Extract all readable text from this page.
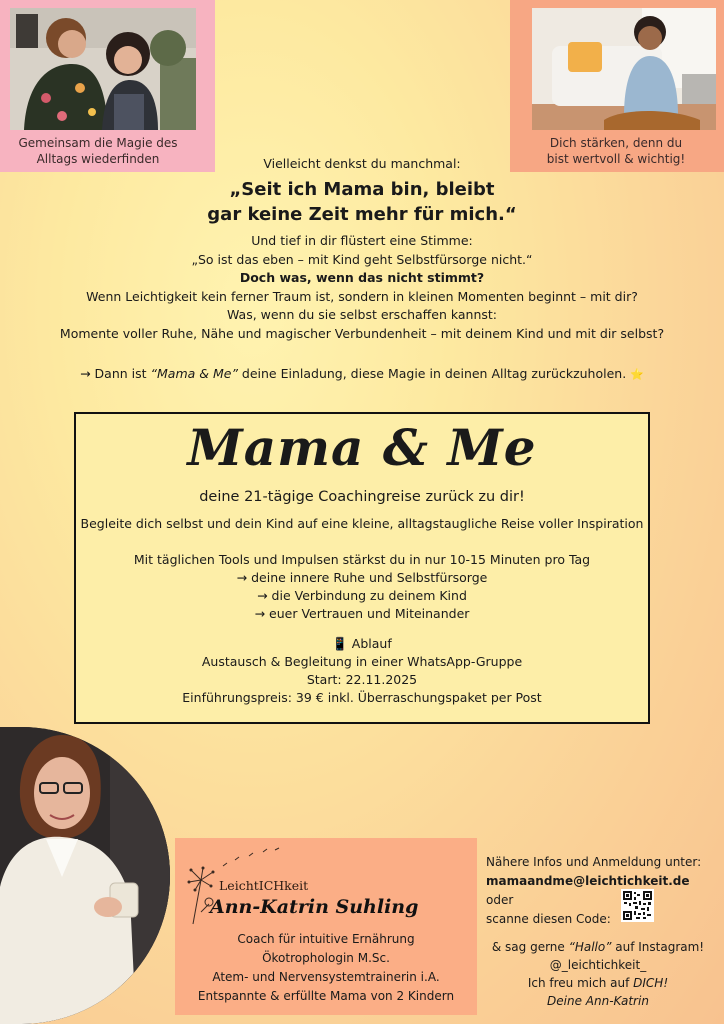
Gemeinsam die Magie des
Alltags wiederfinden
Dich stärken, denn du
bist wertvoll & wichtig!
Vielleicht denkst du manchmal:
„Seit ich Mama bin, bleibt
gar keine Zeit mehr für mich.“
Und tief in dir flüstert eine Stimme:
„So ist das eben – mit Kind geht Selbstfürsorge nicht.“
Doch was, wenn das nicht stimmt?
Wenn Leichtigkeit kein ferner Traum ist, sondern in kleinen Momenten beginnt – mit dir?
Was, wenn du sie selbst erschaffen kannst:
Momente voller Ruhe, Nähe und magischer Verbundenheit – mit deinem Kind und mit dir selbst?
→ Dann ist “Mama & Me” deine Einladung, diese Magie in deinen Alltag zurückzuholen. ⭐
Mama & Me
deine 21-tägige Coachingreise zurück zu dir!
Begleite dich selbst und dein Kind auf eine kleine, alltagstaugliche Reise voller Inspiration
Mit täglichen Tools und Impulsen stärkst du in nur 10-15 Minuten pro Tag
→ deine innere Ruhe und Selbstfürsorge
→ die Verbindung zu deinem Kind
→ euer Vertrauen und Miteinander
📱 Ablauf
Austausch & Begleitung in einer WhatsApp-Gruppe
Start: 22.11.2025
Einführungspreis: 39 € inkl. Überraschungspaket per Post
LeichtICHkeit
Ann-Katrin Suhling
Coach für intuitive Ernährung
Ökotrophologin M.Sc.
Atem- und Nervensystemtrainerin i.A.
Entspannte & erfüllte Mama von 2 Kindern
Nähere Infos und Anmeldung unter:
mamaandme@leichtichkeit.de oder
scanne diesen Code:
& sag gerne “Hallo” auf Instagram!
@_leichtichkeit_
Ich freu mich auf DICH!
Deine Ann-Katrin
